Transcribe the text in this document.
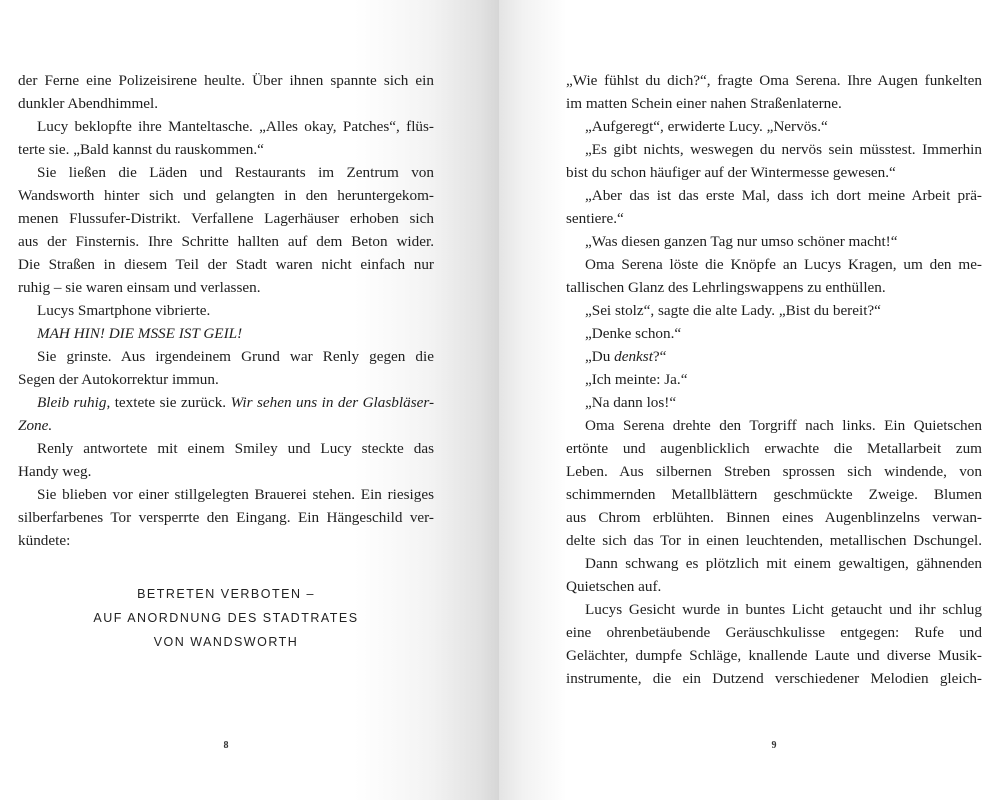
der Ferne eine Polizeisirene heulte. Über ihnen spannte sich ein
dunkler Abendhimmel.
Lucy beklopfte ihre Manteltasche. „Alles okay, Patches“, flüs-
terte sie. „Bald kannst du rauskommen.“
Sie ließen die Läden und Restaurants im Zentrum von
Wandsworth hinter sich und gelangten in den heruntergekom-
menen Flussufer-Distrikt. Verfallene Lagerhäuser erhoben sich
aus der Finsternis. Ihre Schritte hallten auf dem Beton wider.
Die Straßen in diesem Teil der Stadt waren nicht einfach nur
ruhig – sie waren einsam und verlassen.
Lucys Smartphone vibrierte.
MAH HIN! DIE MSSE IST GEIL!
Sie grinste. Aus irgendeinem Grund war Renly gegen die
Segen der Autokorrektur immun.
Bleib ruhig, textete sie zurück. Wir sehen uns in der Glasbläser-
Zone.
Renly antwortete mit einem Smiley und Lucy steckte das
Handy weg.
Sie blieben vor einer stillgelegten Brauerei stehen. Ein riesiges
silberfarbenes Tor versperrte den Eingang. Ein Hängeschild ver-
kündete:
BETRETEN VERBOTEN –
AUF ANORDNUNG DES STADTRATES
VON WANDSWORTH
8
„Wie fühlst du dich?“, fragte Oma Serena. Ihre Augen funkelten
im matten Schein einer nahen Straßenlaterne.
„Aufgeregt“, erwiderte Lucy. „Nervös.“
„Es gibt nichts, weswegen du nervös sein müsstest. Immerhin
bist du schon häufiger auf der Wintermesse gewesen.“
„Aber das ist das erste Mal, dass ich dort meine Arbeit prä-
sentiere.“
„Was diesen ganzen Tag nur umso schöner macht!“
Oma Serena löste die Knöpfe an Lucys Kragen, um den me-
tallischen Glanz des Lehrlingswappens zu enthüllen.
„Sei stolz“, sagte die alte Lady. „Bist du bereit?“
„Denke schon.“
„Du denkst?“
„Ich meinte: Ja.“
„Na dann los!“
Oma Serena drehte den Torgriff nach links. Ein Quietschen
ertönte und augenblicklich erwachte die Metallarbeit zum
Leben. Aus silbernen Streben sprossen sich windende, von
schimmernden Metallblättern geschmückte Zweige. Blumen
aus Chrom erblühten. Binnen eines Augenblinzelns verwan-
delte sich das Tor in einen leuchtenden, metallischen Dschungel.
Dann schwang es plötzlich mit einem gewaltigen, gähnenden
Quietschen auf.
Lucys Gesicht wurde in buntes Licht getaucht und ihr schlug
eine ohrenbetäubende Geräuschkulisse entgegen: Rufe und
Gelächter, dumpfe Schläge, knallende Laute und diverse Musik-
instrumente, die ein Dutzend verschiedener Melodien gleich-
9
